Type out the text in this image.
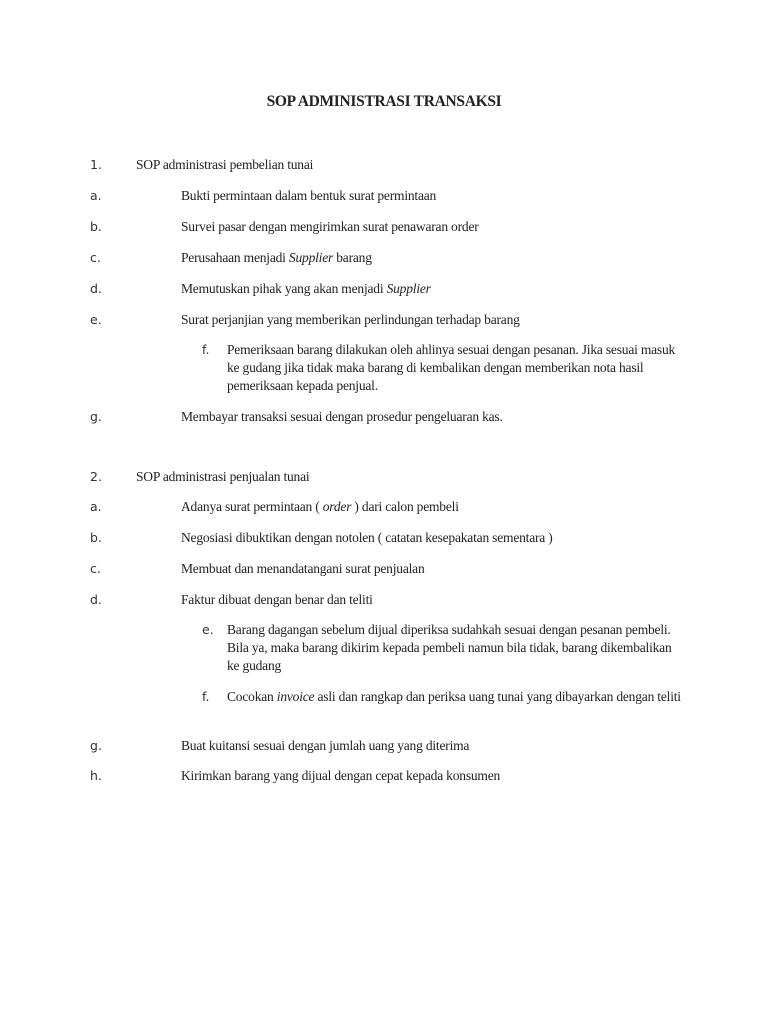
SOP ADMINISTRASI TRANSAKSI
1.	SOP administrasi pembelian tunai
a.	Bukti permintaan dalam bentuk surat permintaan
b.	Survei pasar dengan mengirimkan surat penawaran order
c.	Perusahaan menjadi Supplier barang
d.	Memutuskan pihak yang akan menjadi Supplier
e.	Surat perjanjian yang memberikan perlindungan terhadap barang
f. Pemeriksaan barang dilakukan oleh ahlinya sesuai dengan pesanan. Jika sesuai masuk ke gudang jika tidak maka barang di kembalikan dengan memberikan nota hasil pemeriksaan kepada penjual.
g.	Membayar transaksi sesuai dengan prosedur pengeluaran kas.
2.	SOP administrasi penjualan tunai
a.	Adanya surat permintaan ( order ) dari calon pembeli
b.	Negosiasi dibuktikan dengan notolen ( catatan kesepakatan sementara )
c.	Membuat dan menandatangani surat penjualan
d.	Faktur dibuat dengan benar dan teliti
e. Barang dagangan sebelum dijual diperiksa sudahkah sesuai dengan pesanan pembeli. Bila ya, maka barang dikirim kepada pembeli namun bila tidak, barang dikembalikan ke gudang
f. Cocokan invoice asli dan rangkap dan periksa uang tunai yang dibayarkan dengan teliti
g.	Buat kuitansi sesuai dengan jumlah uang yang diterima
h.	Kirimkan barang yang dijual dengan cepat kepada konsumen
